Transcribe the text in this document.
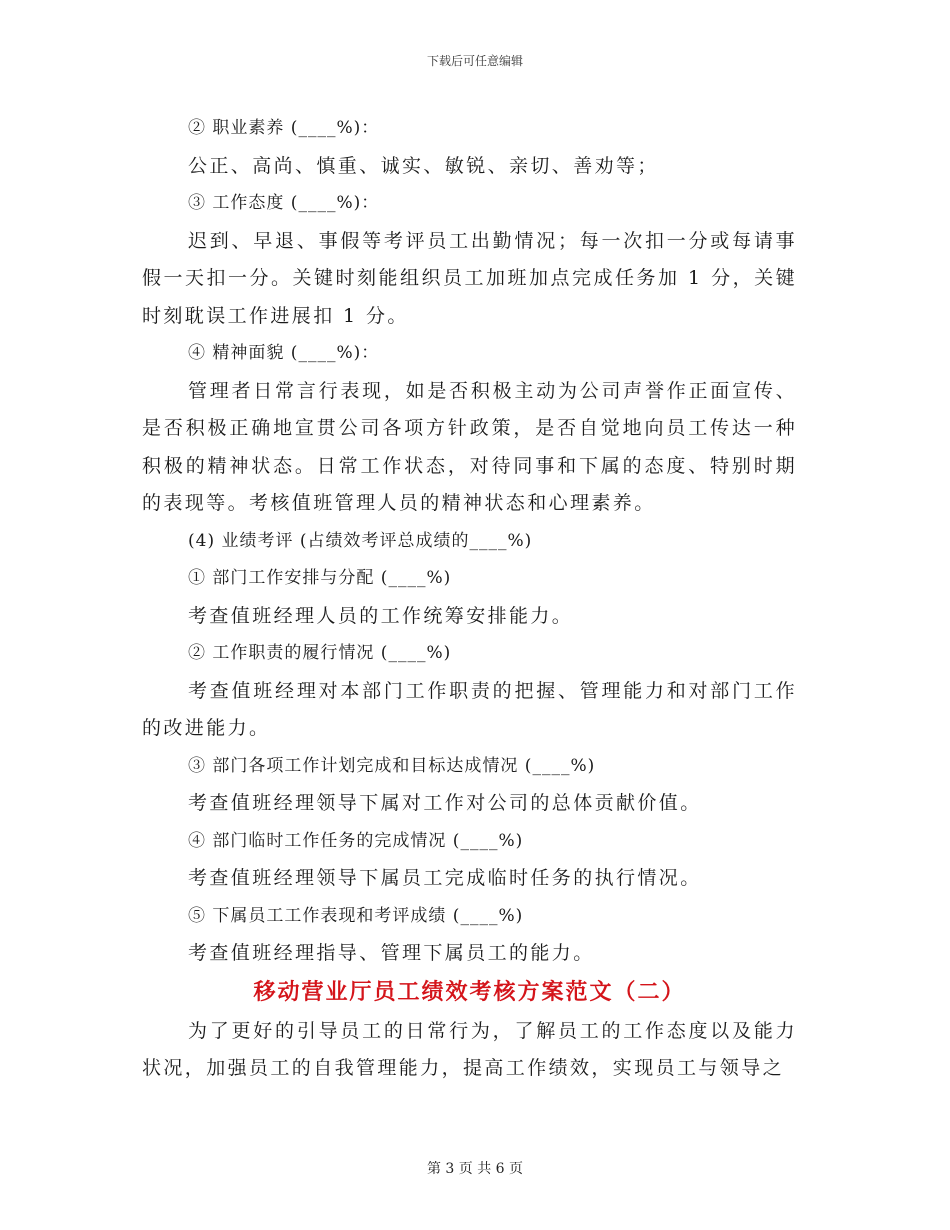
下载后可任意编辑

② 职业素养 (____%)：

公正、高尚、慎重、诚实、敏锐、亲切、善劝等；

③ 工作态度 (____%)：

迟到、早退、事假等考评员工出勤情况；每一次扣一分或每请事假一天扣一分。关键时刻能组织员工加班加点完成任务加 1 分，关键时刻耽误工作进展扣 1 分。

④ 精神面貌 (____%)：

管理者日常言行表现，如是否积极主动为公司声誉作正面宣传、是否积极正确地宣贯公司各项方针政策，是否自觉地向员工传达一种积极的精神状态。日常工作状态，对待同事和下属的态度、特别时期的表现等。考核值班管理人员的精神状态和心理素养。

(4) 业绩考评 (占绩效考评总成绩的____%)

① 部门工作安排与分配 (____%)

考查值班经理人员的工作统筹安排能力。

② 工作职责的履行情况 (____%)

考查值班经理对本部门工作职责的把握、管理能力和对部门工作的改进能力。

③ 部门各项工作计划完成和目标达成情况 (____%)

考查值班经理领导下属对工作对公司的总体贡献价值。

④ 部门临时工作任务的完成情况 (____%)

考查值班经理领导下属员工完成临时任务的执行情况。

⑤ 下属员工工作表现和考评成绩 (____%)

考查值班经理指导、管理下属员工的能力。

移动营业厅员工绩效考核方案范文（二）

为了更好的引导员工的日常行为，了解员工的工作态度以及能力状况，加强员工的自我管理能力，提高工作绩效，实现员工与领导之

第 3 页 共 6 页
